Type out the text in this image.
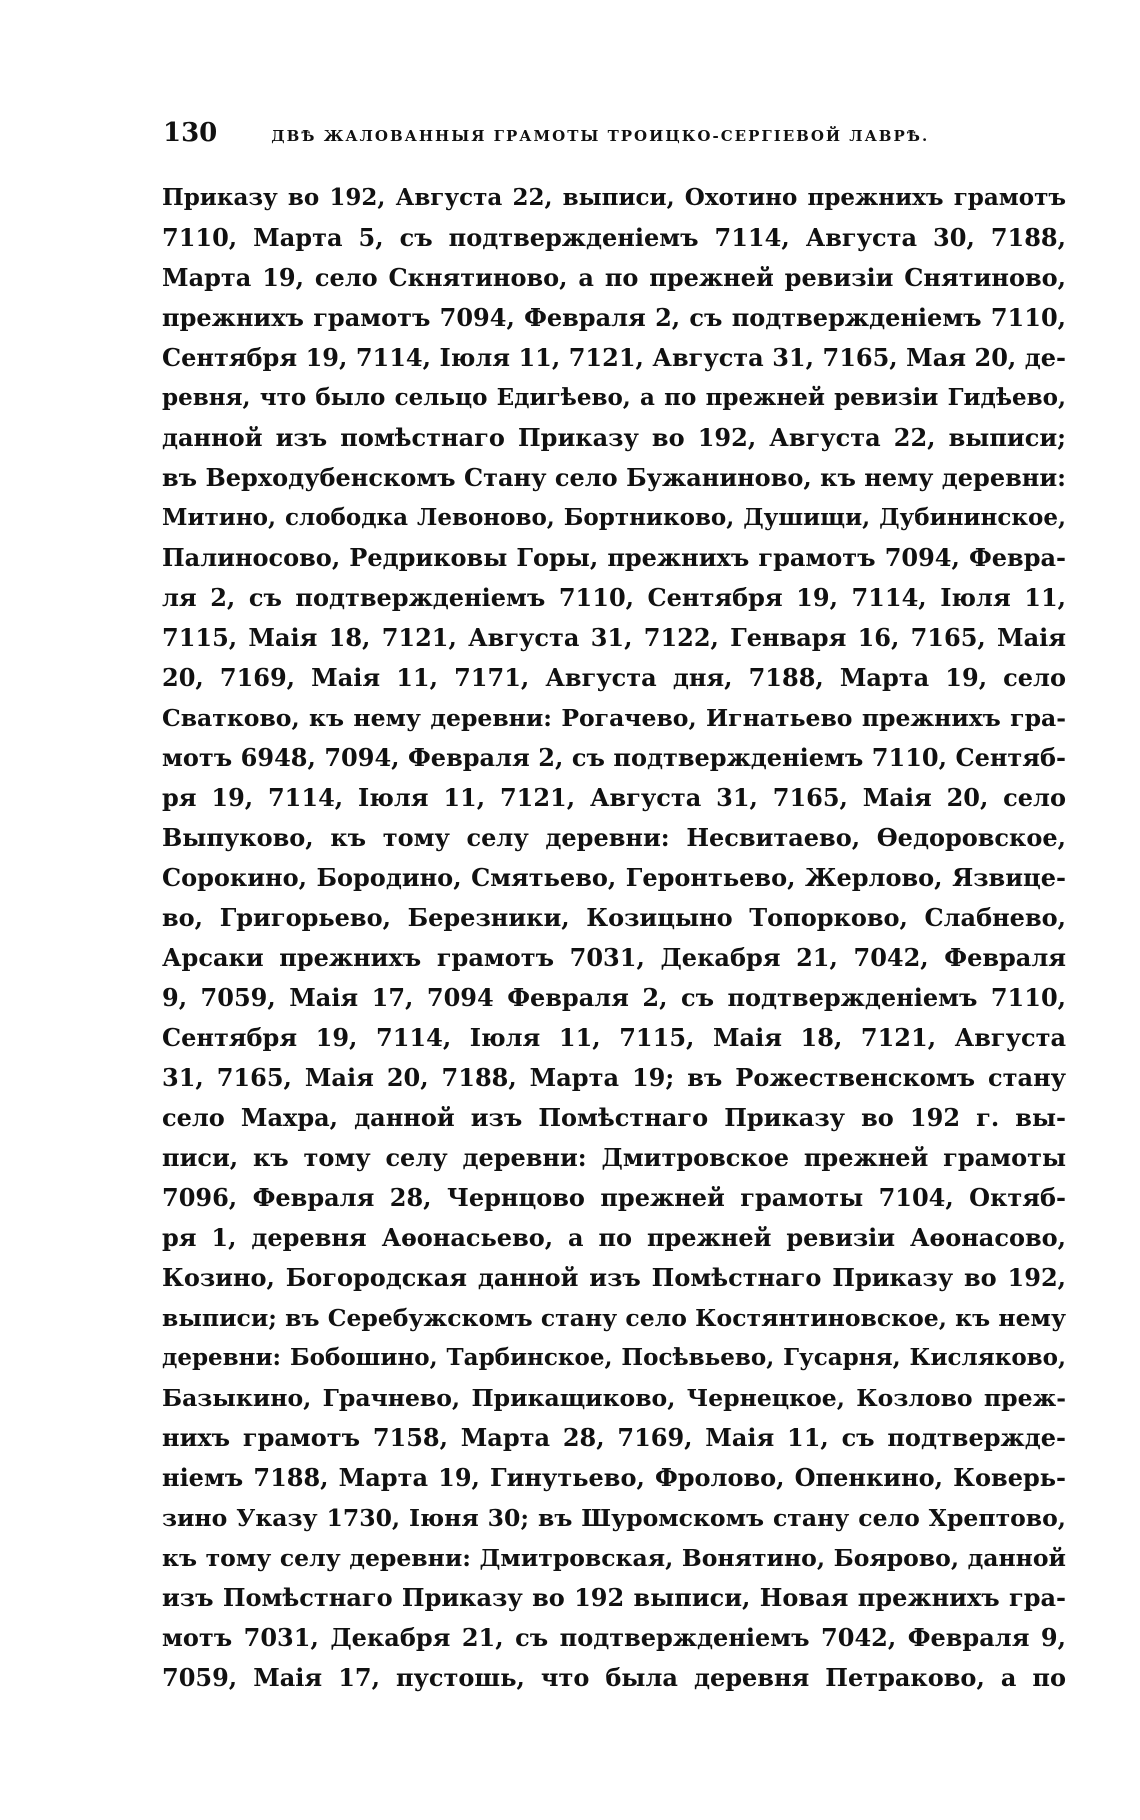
130	ДВѢ ЖАЛОВАННЫЯ ГРАМОТЫ ТРОИЦКО-СЕРГІЕВОЙ ЛАВРѢ.
Приказу во 192, Августа 22, выписи, Охотино прежнихъ грамотъ
7110, Марта 5, съ подтвержденіемъ 7114, Августа 30, 7188,
Марта 19, село Скнятиново, а по прежней ревизіи Снятиново,
прежнихъ грамотъ 7094, Февраля 2, съ подтвержденіемъ 7110,
Сентября 19, 7114, Іюля 11, 7121, Августа 31, 7165, Мая 20, де-
ревня, что было сельцо Едигѣево, а по прежней ревизіи Гидѣево,
данной изъ помѣстнаго Приказу во 192, Августа 22, выписи;
въ Верходубенскомъ Стану село Бужаниново, къ нему деревни:
Митино, слободка Левоново, Бортниково, Душищи, Дубининское,
Палиносово, Редриковы Горы, прежнихъ грамотъ 7094, Февра-
ля 2, съ подтвержденіемъ 7110, Сентября 19, 7114, Іюля 11,
7115, Маія 18, 7121, Августа 31, 7122, Генваря 16, 7165, Маія
20, 7169, Маія 11, 7171, Августа дня, 7188, Марта 19, село
Сватково, къ нему деревни: Рогачево, Игнатьево прежнихъ гра-
мотъ 6948, 7094, Февраля 2, съ подтвержденіемъ 7110, Сентяб-
ря 19, 7114, Іюля 11, 7121, Августа 31, 7165, Маія 20, село
Выпуково, къ тому селу деревни: Несвитаево, Ѳедоровское,
Сорокино, Бородино, Смятьево, Геронтьево, Жерлово, Язвице-
во, Григорьево, Березники, Козицыно Топорково, Слабнево,
Арсаки прежнихъ грамотъ 7031, Декабря 21, 7042, Февраля
9, 7059, Маія 17, 7094 Февраля 2, съ подтвержденіемъ 7110,
Сентября 19, 7114, Іюля 11, 7115, Маія 18, 7121, Августа
31, 7165, Маія 20, 7188, Марта 19; въ Рожественскомъ стану
село Махра, данной изъ Помѣстнаго Приказу во 192 г. вы-
писи, къ тому селу деревни: Дмитровское прежней грамоты
7096, Февраля 28, Чернцово прежней грамоты 7104, Октяб-
ря 1, деревня Аѳонасьево, а по прежней ревизіи Аѳонасово,
Козино, Богородская данной изъ Помѣстнаго Приказу во 192,
выписи; въ Серебужскомъ стану село Костянтиновское, къ нему
деревни: Бобошино, Тарбинское, Посѣвьево, Гусарня, Кисляково,
Базыкино, Грачнево, Прикащиково, Чернецкое, Козлово преж-
нихъ грамотъ 7158, Марта 28, 7169, Маія 11, съ подтвержде-
ніемъ 7188, Марта 19, Гинутьево, Фролово, Опенкино, Коверь-
зино Указу 1730, Іюня 30; въ Шуромскомъ стану село Хрептово,
къ тому селу деревни: Дмитровская, Вонятино, Боярово, данной
изъ Помѣстнаго Приказу во 192 выписи, Новая прежнихъ гра-
мотъ 7031, Декабря 21, съ подтвержденіемъ 7042, Февраля 9,
7059, Маія 17, пустошь, что была деревня Петраково, а по
